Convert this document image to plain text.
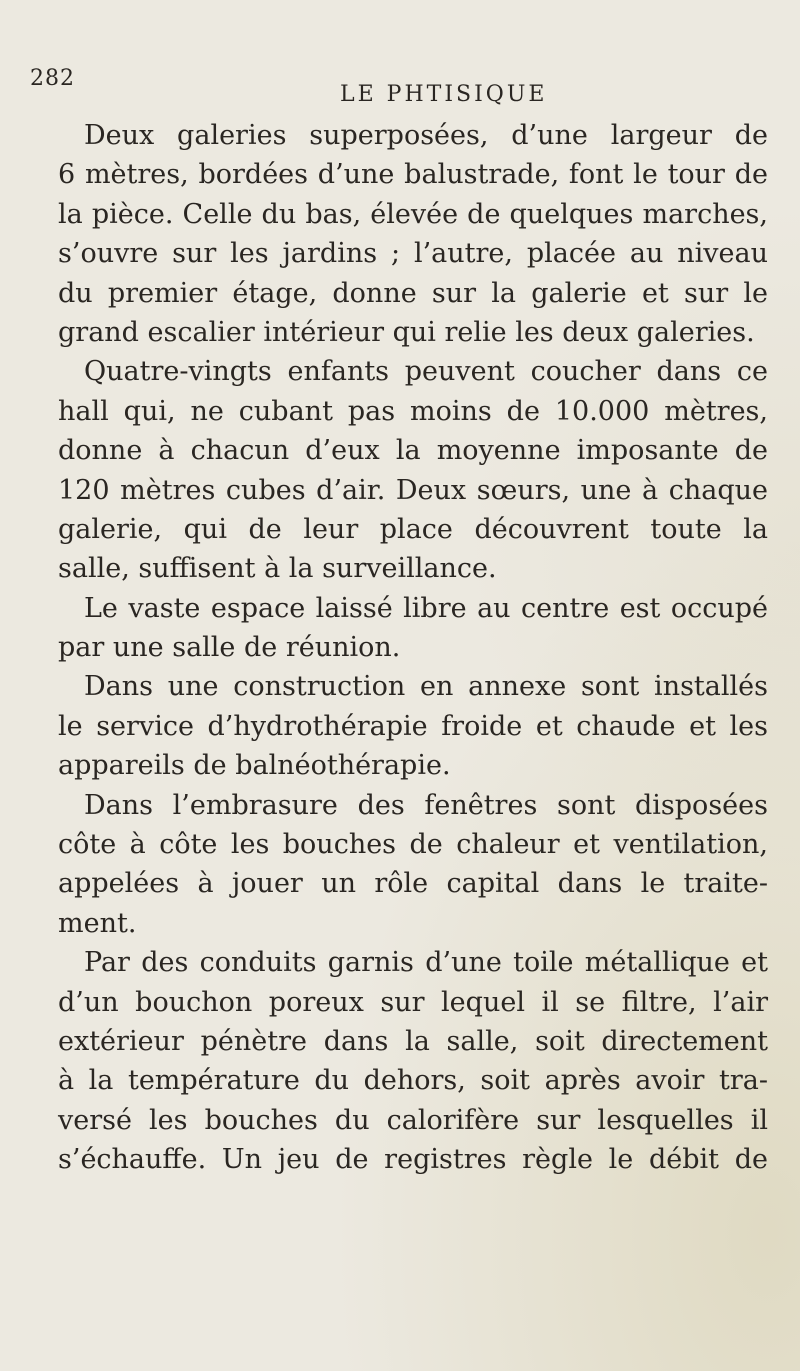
282
LE PHTISIQUE
Deux galeries superposées, d’une largeur de
6 mètres, bordées d’une balustrade, font le tour de
la pièce. Celle du bas, élevée de quelques marches,
s’ouvre sur les jardins ; l’autre, placée au niveau
du premier étage, donne sur la galerie et sur le
grand escalier intérieur qui relie les deux galeries.
Quatre-vingts enfants peuvent coucher dans ce
hall qui, ne cubant pas moins de 10.000 mètres,
donne à chacun d’eux la moyenne imposante de
120 mètres cubes d’air. Deux sœurs, une à chaque
galerie, qui de leur place découvrent toute la
salle, suffisent à la surveillance.
Le vaste espace laissé libre au centre est occupé
par une salle de réunion.
Dans une construction en annexe sont installés
le service d’hydrothérapie froide et chaude et les
appareils de balnéothérapie.
Dans l’embrasure des fenêtres sont disposées
côte à côte les bouches de chaleur et ventilation,
appelées à jouer un rôle capital dans le traite-
ment.
Par des conduits garnis d’une toile métallique et
d’un bouchon poreux sur lequel il se filtre, l’air
extérieur pénètre dans la salle, soit directement
à la température du dehors, soit après avoir tra-
versé les bouches du calorifère sur lesquelles il
s’échauffe. Un jeu de registres règle le débit de
